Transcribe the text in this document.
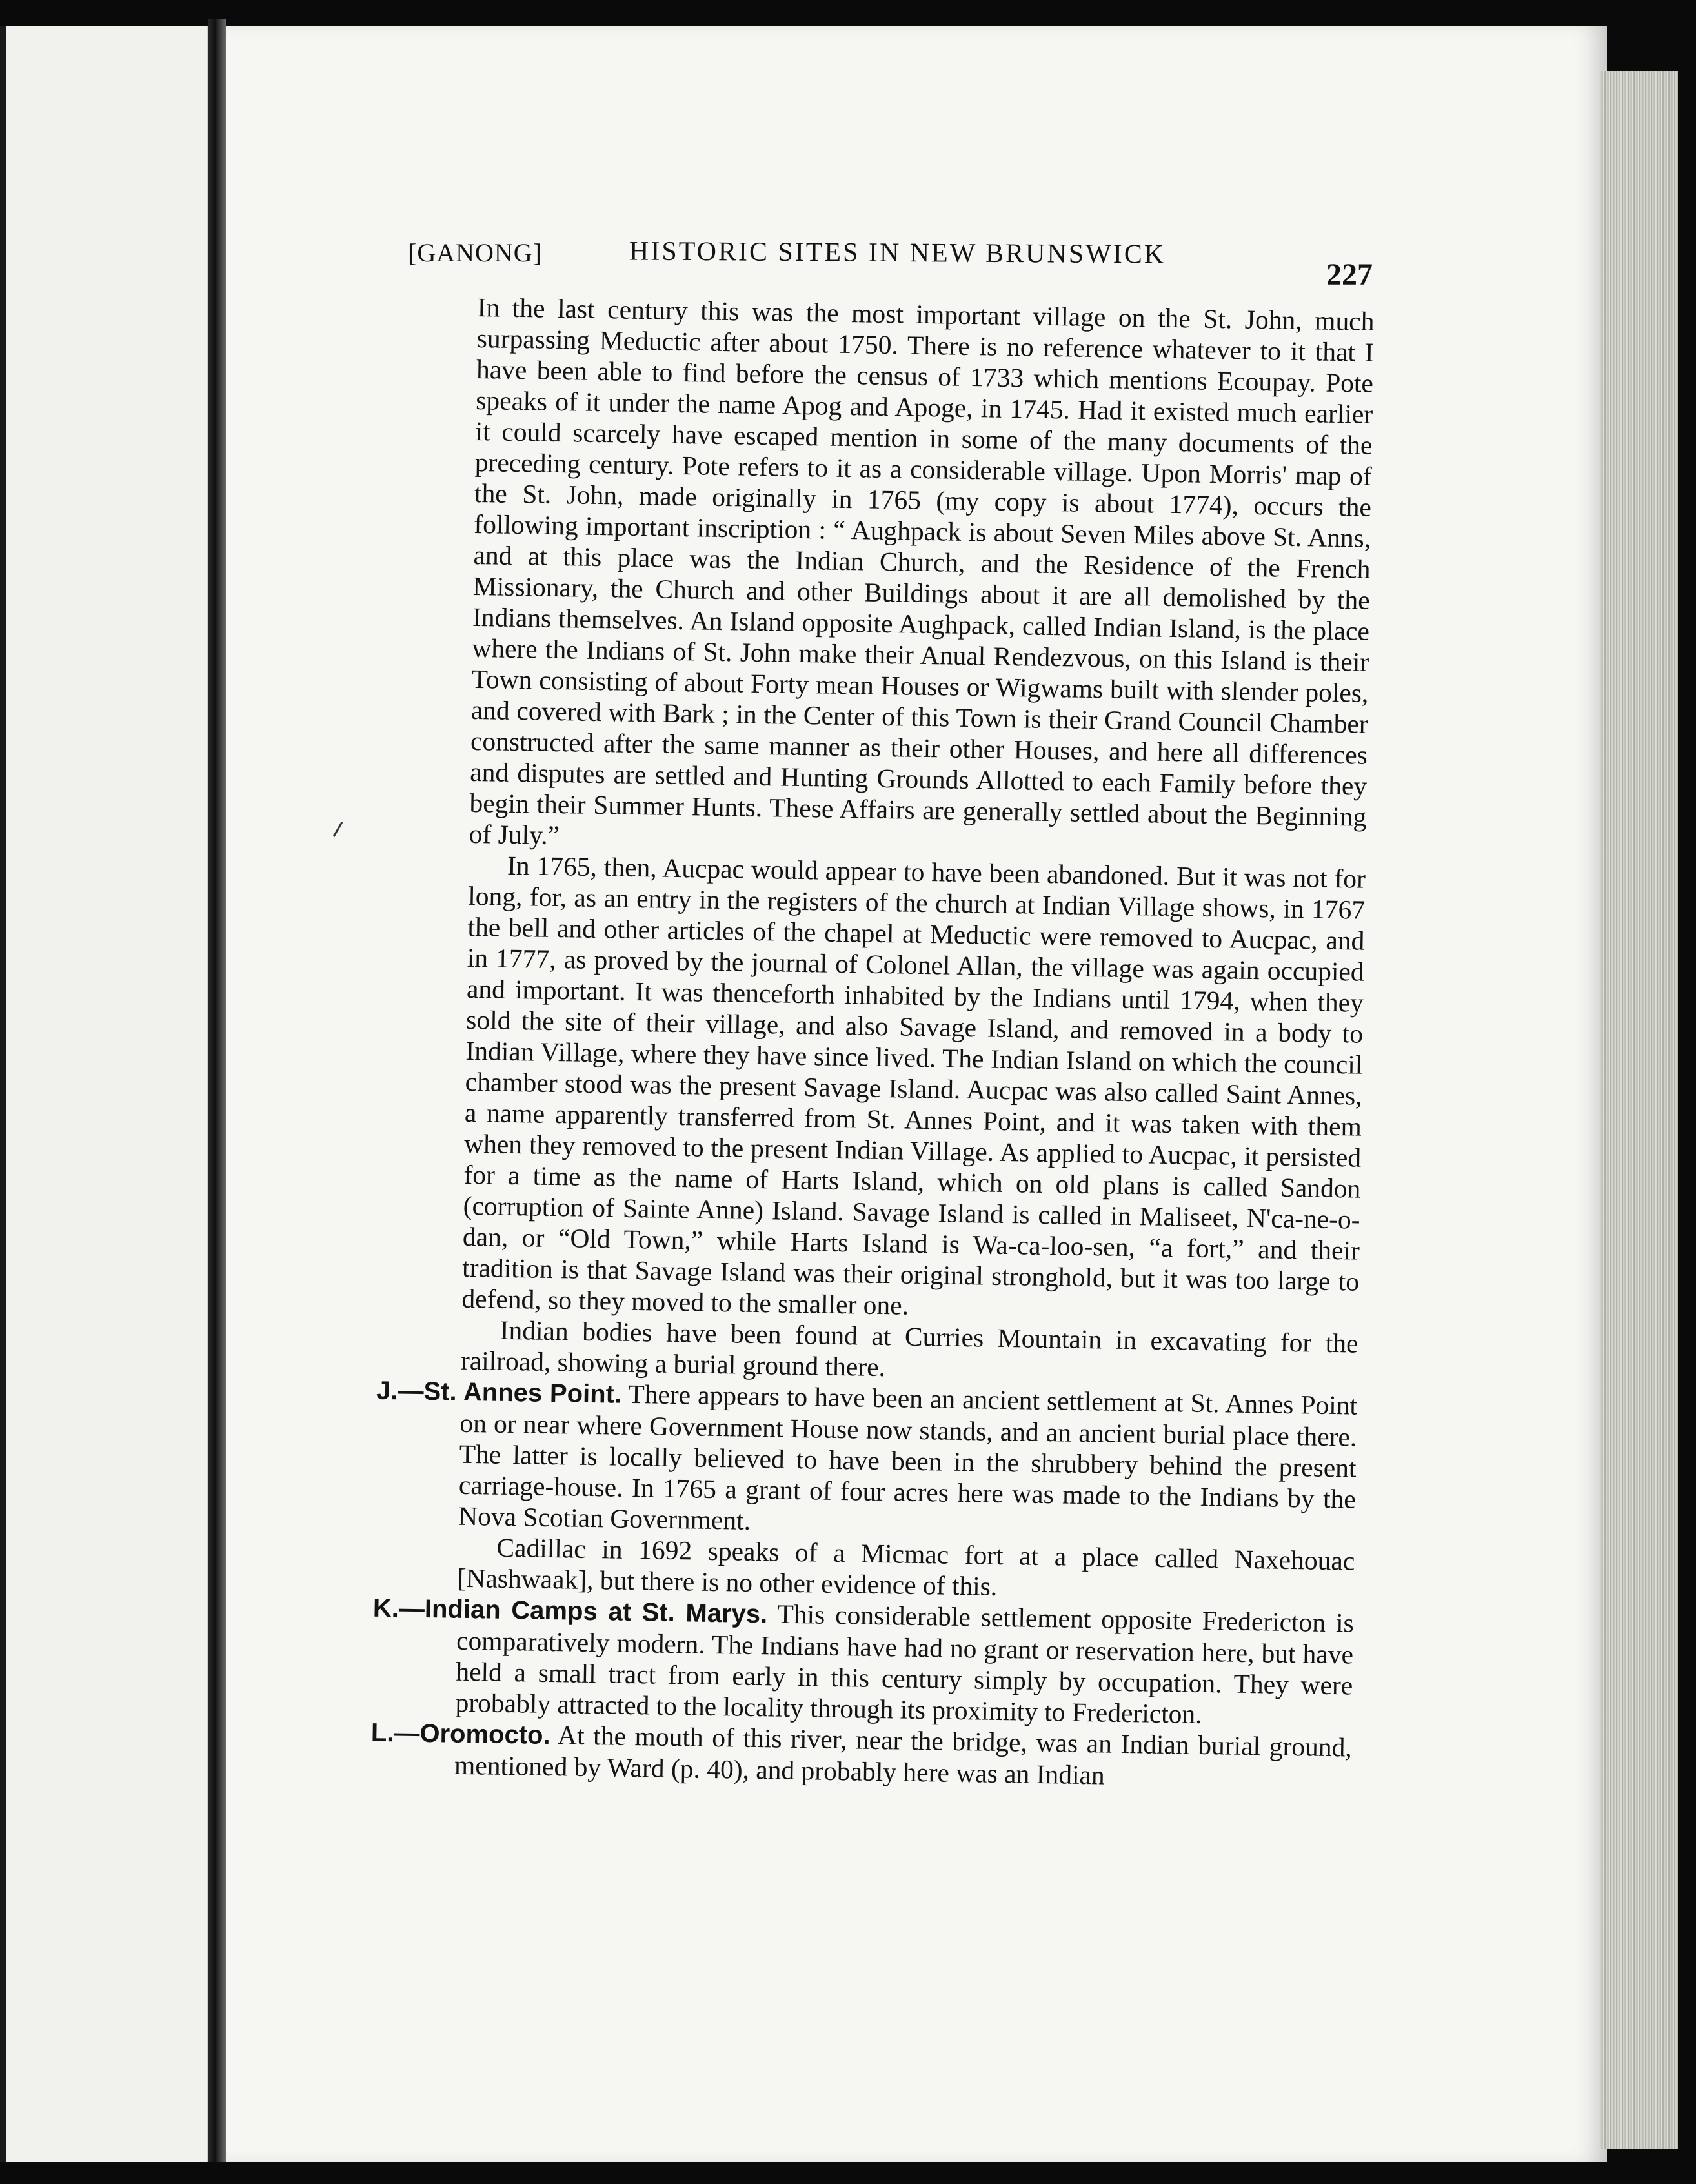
[GANONG]	HISTORIC SITES IN NEW BRUNSWICK
227

In the last century this was the most important village on the St. John, much surpassing Meductic after about 1750. There is no reference whatever to it that I have been able to find before the census of 1733 which mentions Ecoupay. Pote speaks of it under the name Apog and Apoge, in 1745. Had it existed much earlier it could scarcely have escaped mention in some of the many documents of the preceding century. Pote refers to it as a considerable village. Upon Morris' map of the St. John, made originally in 1765 (my copy is about 1774), occurs the following important inscription : “ Aughpack is about Seven Miles above St. Anns, and at this place was the Indian Church, and the Residence of the French Missionary, the Church and other Buildings about it are all demolished by the Indians themselves. An Island opposite Aughpack, called Indian Island, is the place where the Indians of St. John make their Anual Rendezvous, on this Island is their Town consisting of about Forty mean Houses or Wigwams built with slender poles, and covered with Bark ; in the Center of this Town is their Grand Council Chamber constructed after the same manner as their other Houses, and here all differences and disputes are settled and Hunting Grounds Allotted to each Family before they begin their Summer Hunts. These Affairs are generally settled about the Beginning of July.”

In 1765, then, Aucpac would appear to have been abandoned. But it was not for long, for, as an entry in the registers of the church at Indian Village shows, in 1767 the bell and other articles of the chapel at Meductic were removed to Aucpac, and in 1777, as proved by the journal of Colonel Allan, the village was again occupied and important. It was thenceforth inhabited by the Indians until 1794, when they sold the site of their village, and also Savage Island, and removed in a body to Indian Village, where they have since lived. The Indian Island on which the council chamber stood was the present Savage Island. Aucpac was also called Saint Annes, a name apparently transferred from St. Annes Point, and it was taken with them when they removed to the present Indian Village. As applied to Aucpac, it persisted for a time as the name of Harts Island, which on old plans is called Sandon (corruption of Sainte Anne) Island. Savage Island is called in Maliseet, N'ca-ne-o-dan, or “Old Town,” while Harts Island is Wa-ca-loo-sen, “a fort,” and their tradition is that Savage Island was their original stronghold, but it was too large to defend, so they moved to the smaller one.

Indian bodies have been found at Curries Mountain in excavating for the railroad, showing a burial ground there.

J.—St. Annes Point. There appears to have been an ancient settlement at St. Annes Point on or near where Government House now stands, and an ancient burial place there. The latter is locally believed to have been in the shrubbery behind the present carriage-house. In 1765 a grant of four acres here was made to the Indians by the Nova Scotian Government.

Cadillac in 1692 speaks of a Micmac fort at a place called Naxehouac [Nashwaak], but there is no other evidence of this.

K.—Indian Camps at St. Marys. This considerable settlement opposite Fredericton is comparatively modern. The Indians have had no grant or reservation here, but have held a small tract from early in this century simply by occupation. They were probably attracted to the locality through its proximity to Fredericton.

L.—Oromocto. At the mouth of this river, near the bridge, was an Indian burial ground, mentioned by Ward (p. 40), and probably here was an Indian
